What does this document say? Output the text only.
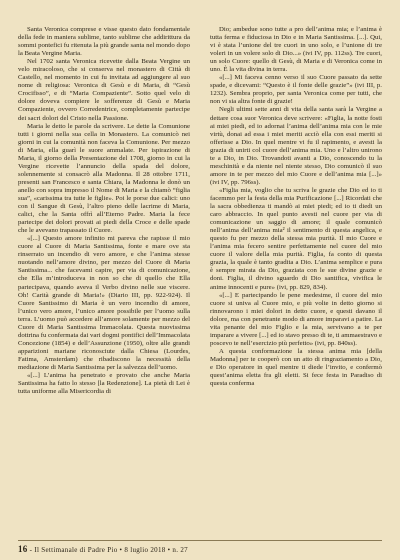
Santa Veronica comprese e visse questo dato fondamentale della fede in maniera sublime, tanto sublime che addirittura da sommi pontefici fu ritenuta la più grande santa nel mondo dopo la Beata Vergine Maria.

Nel 1702 santa Veronica ricevette dalla Beata Vergine un velo miracoloso, che si conserva nel monastero di Città di Castello, nel momento in cui fu invitata ad aggiungere al suo nome di religiosa: Veronica di Gesù e di Maria, di “Gesù Crocifisso”, e di “Maria Compaziente”. Sotto quel velo di dolore doveva compiere le sofferenze di Gesù e Maria Compaziente, ovvero Corredentrice, completamente partecipe dei sacri dolori del Cristo nella Passione.

Maria le detto le parole da scrivere. Le dette la Comunione tutti i giorni nella sua cella in Monastero. La comunicò nei giorni in cui la comunità non faceva la Comunione. Per mezzo di Maria, ella guarì le suore ammalate. Per ispirazione di Maria, il giorno della Presentazione del 1708, giorno in cui la Vergine ricevette l’annuncio della spada del dolore, solennemente si consacrò alla Madonna. Il 28 ottobre 1711, presenti san Francesco e santa Chiara, la Madonna le donò un anello con sopra impresso il Nome di Maria e la chiamò “figlia sua”, «carissima tra tutte le figlie». Poi le porse due calici: uno con il Sangue di Gesù, l’altro pieno delle lacrime di Maria, calici, che la Santa offrì all’Eterno Padre. Maria la fece partecipe dei dolori provati ai piedi della Croce e delle spade che le avevano trapassato il Cuore.

«[...] Questo amore infinito mi pareva che rapisse il mio cuore al Cuore di Maria Santissima, fonte e mare ove sta rinserrato un incendio di vero amore, e che l’anima stesse nuotando nell’amore divino, per mezzo del Cuore di Maria Santissima... che facevami capire, per via di comunicazione, che Ella m’introduceva in non so che di quello che Ella partecipava, quando aveva il Verbo divino nelle sue viscere. Oh! Carità grande di Maria!» (Diario III, pp. 922-924). Il Cuore Santissimo di Maria è un vero incendio di amore, l’unico vero amore, l’unico amore possibile per l’uomo sulla terra. L’uomo può accedere all’amore solamente per mezzo del Cuore di Maria Santissima Immacolata. Questa nuovissima dottrina fu confermata dai vari dogmi pontifici dell’Immacolata Concezione (1854) e dell’Assunzione (1950), oltre alle grandi apparizioni mariane riconosciute dalla Chiesa (Lourdes, Fatima, Amsterdam) che ribadiscono la necessità della mediazione di Maria Santissima per la salvezza dell’uomo.

«[...] L’anima ha penetrato e provato che anche Maria Santissima ha fatto lo stesso [la Redenzione]. La pietà di Lei è tutta uniforme alla Misericordia di

Dio; ambedue sono tutte a pro dell’anima mia; e l’anima è tutta ferma e fiduciosa in Dio e in Maria Santissima. [...]. Qui, vi è stata l’unione del tre cuori in uno solo, e l’unione di tre voleri in un volere solo di Dio...» (ivi IV, pp. 112ss). Tre cuori, un solo Cuore: quello di Gesù, di Maria e di Veronica come in uno. È la vita divina in terra.

«[...] Mi faceva cenno verso il suo Cuore passato da sette spade, e dicevami: “Questo è il fonte delle grazie”» (ivi III, p. 1232). Sembra proprio, per santa Veronica come per tutti, che non vi sia altra fonte di grazie!

Negli ultimi sette anni di vita della santa sarà la Vergine a dettare cosa suor Veronica deve scrivere: «Figlia, la notte fosti ai miei piedi, ed io adornai l’anima dell’anima mia con le mie virtù, donai ad essa i miei meriti acciò ella con essi meriti si offerisse a Dio. In quel mentre vi fu il rapimento, e avesti la grazia di unirti col cuore dell’anima mia. Uno e l’altro unirono te a Dio, in Dio. Trovandoti avanti a Dio, conoscendo tu la meschinità e da niente nel niente stesso, Dio comunicò il suo amore in te per mezzo del mio Cuore e dell’anima mia [...]» (ivi IV, pp. 796ss).

«Figlia mia, voglio che tu scriva le grazie che Dio ed io ti facemmo per la festa della mia Purificazione [...] Ricordati che la sacra obbedienza ti mandò ai miei piedi; ed io ti diedi un caro abbraccio. In quel punto avesti nel cuore per via di comunicazione un saggio di amore; il quale comunicò nell’anima dell’anima mia² il sentimento di questa angelica, e questo fu per mezzo della stessa mia purità. Il mio Cuore e l’anima mia fecero sentire perfettamente nel cuore del mio cuore il valore della mia purità. Figlia, fa conto di questa grazia, la quale è tanto gradita a Dio. L’anima semplice e pura è sempre mirata da Dio, graziata con le sue divine grazie e doni. Figlia, il divino sguardo di Dio santifica, vivifica le anime innocenti e pure» (ivi, pp. 829, 834).

«[...] E partecipando le pene medesime, il cuore del mio cuore si univa al Cuore mio, e più volte in detto giorno si rinnovarono i miei dolori in detto cuore, e questi davano il dolore, ma con penetrante modo di amore imparavi a patire. La vita penante del mio Figlio e la mia, servivano a te per imparare a vivere [...] ed io stavo presso di te, ti ammaestravo e poscevo te nell’esercizio più perfetto» (ivi, pp. 840ss).

A questa conformazione la stessa anima mia [della Madonna] per te cooperò con un atto di ringraziamento a Dio, e Dio operatore in quel mentre ti diede l’invito, e confermò quest’anima eletta fra gli eletti. Si fece festa in Paradiso di questa conferma

16 - Il Settimanale di Padre Pio • 8 luglio 2018 • n. 27
